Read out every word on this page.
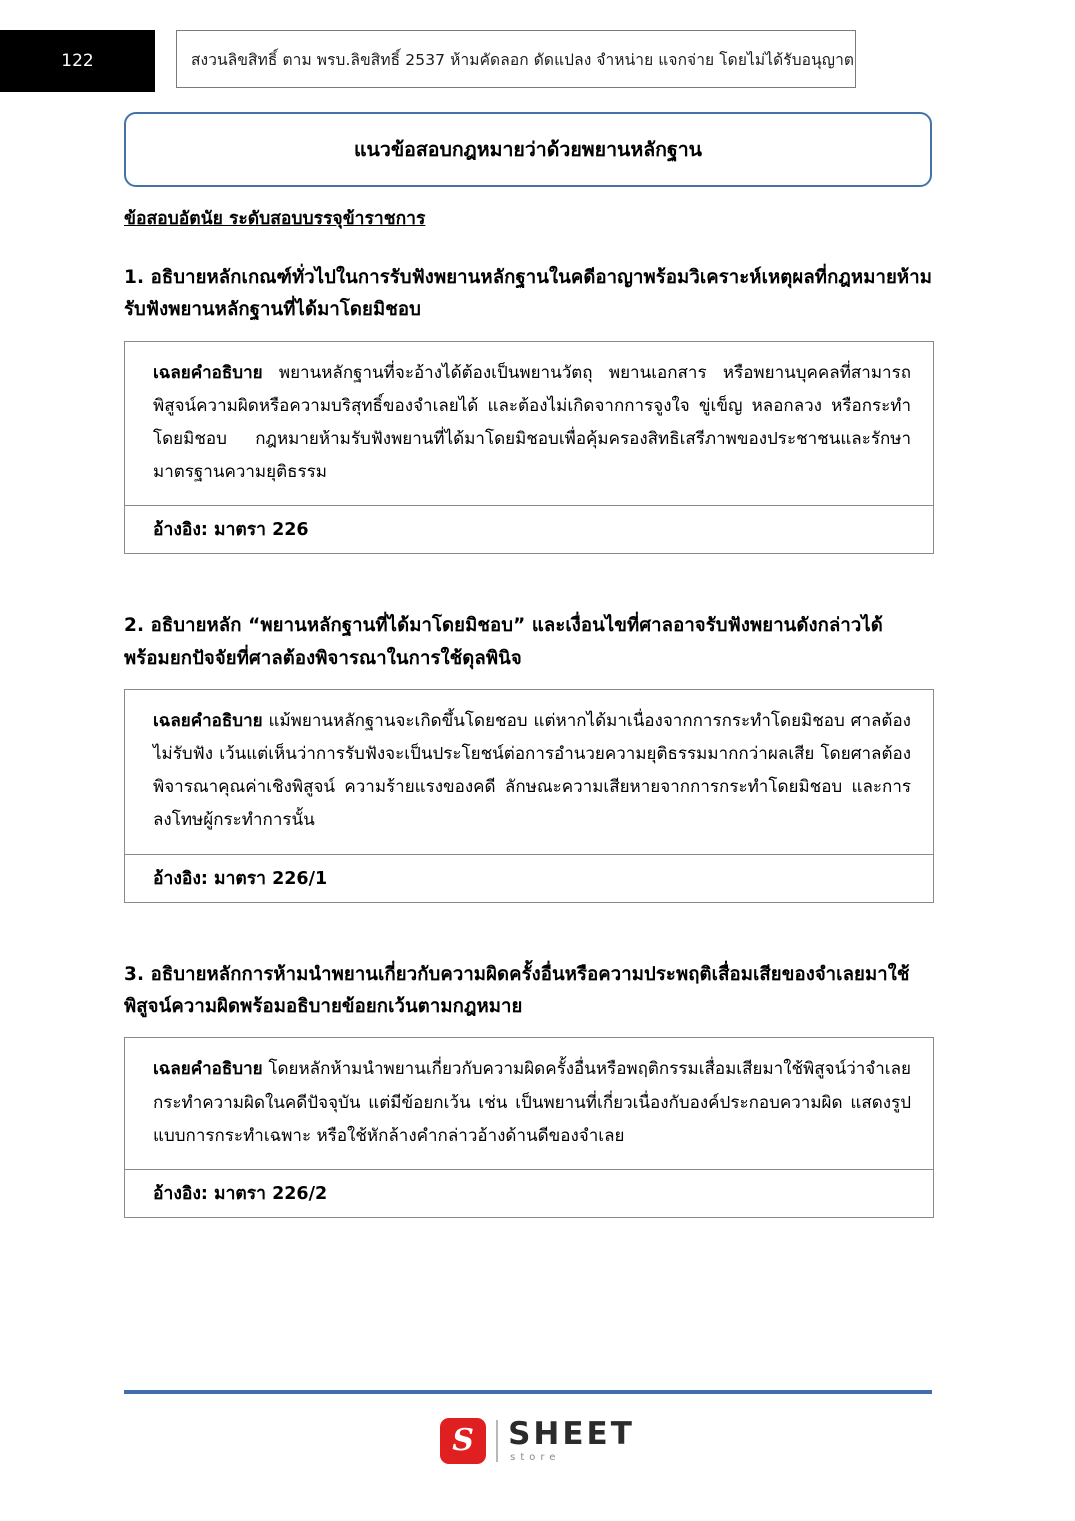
122	สงวนลิขสิทธิ์ ตาม พรบ.ลิขสิทธิ์ 2537 ห้ามคัดลอก ดัดแปลง จำหน่าย แจกจ่าย โดยไม่ได้รับอนุญาต
แนวข้อสอบกฎหมายว่าด้วยพยานหลักฐาน
ข้อสอบอัตนัย ระดับสอบบรรจุข้าราชการ
1. อธิบายหลักเกณฑ์ทั่วไปในการรับฟังพยานหลักฐานในคดีอาญาพร้อมวิเคราะห์เหตุผลที่กฎหมายห้ามรับฟังพยานหลักฐานที่ได้มาโดยมิชอบ

เฉลยคำอธิบาย พยานหลักฐานที่จะอ้างได้ต้องเป็นพยานวัตถุ พยานเอกสาร หรือพยานบุคคลที่สามารถพิสูจน์ความผิดหรือความบริสุทธิ์ของจำเลยได้ และต้องไม่เกิดจากการจูงใจ ขู่เข็ญ หลอกลวง หรือกระทำโดยมิชอบ กฎหมายห้ามรับฟังพยานที่ได้มาโดยมิชอบเพื่อคุ้มครองสิทธิเสรีภาพของประชาชนและรักษามาตรฐานความยุติธรรม

อ้างอิง: มาตรา 226
2. อธิบายหลัก “พยานหลักฐานที่ได้มาโดยมิชอบ” และเงื่อนไขที่ศาลอาจรับฟังพยานดังกล่าวได้ พร้อมยกปัจจัยที่ศาลต้องพิจารณาในการใช้ดุลพินิจ

เฉลยคำอธิบาย แม้พยานหลักฐานจะเกิดขึ้นโดยชอบ แต่หากได้มาเนื่องจากการกระทำโดยมิชอบ ศาลต้องไม่รับฟัง เว้นแต่เห็นว่าการรับฟังจะเป็นประโยชน์ต่อการอำนวยความยุติธรรมมากกว่าผลเสีย โดยศาลต้องพิจารณาคุณค่าเชิงพิสูจน์ ความร้ายแรงของคดี ลักษณะความเสียหายจากการกระทำโดยมิชอบ และการลงโทษผู้กระทำการนั้น

อ้างอิง: มาตรา 226/1
3. อธิบายหลักการห้ามนำพยานเกี่ยวกับความผิดครั้งอื่นหรือความประพฤติเสื่อมเสียของจำเลยมาใช้พิสูจน์ความผิดพร้อมอธิบายข้อยกเว้นตามกฎหมาย

เฉลยคำอธิบาย โดยหลักห้ามนำพยานเกี่ยวกับความผิดครั้งอื่นหรือพฤติกรรมเสื่อมเสียมาใช้พิสูจน์ว่าจำเลยกระทำความผิดในคดีปัจจุบัน แต่มีข้อยกเว้น เช่น เป็นพยานที่เกี่ยวเนื่องกับองค์ประกอบความผิด แสดงรูปแบบการกระทำเฉพาะ หรือใช้หักล้างคำกล่าวอ้างด้านดีของจำเลย

อ้างอิง: มาตรา 226/2
S SHEET
store
